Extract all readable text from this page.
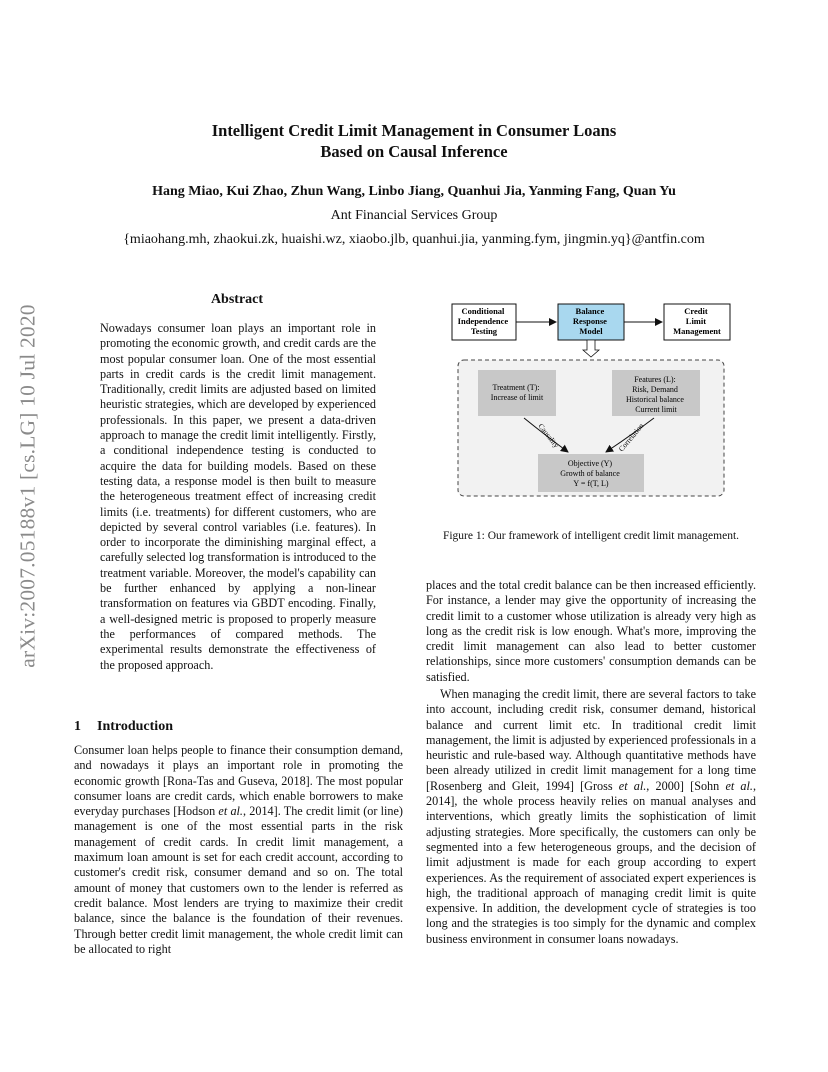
Intelligent Credit Limit Management in Consumer Loans
Based on Causal Inference
Hang Miao, Kui Zhao, Zhun Wang, Linbo Jiang, Quanhui Jia, Yanming Fang, Quan Yu
Ant Financial Services Group
{miaohang.mh, zhaokui.zk, huaishi.wz, xiaobo.jlb, quanhui.jia, yanming.fym, jingmin.yq}@antfin.com
arXiv:2007.05188v1 [cs.LG] 10 Jul 2020
Abstract

Nowadays consumer loan plays an important role in promoting the economic growth, and credit cards are the most popular consumer loan. One of the most essential parts in credit cards is the credit limit management. Traditionally, credit limits are adjusted based on limited heuristic strategies, which are developed by experienced professionals. In this paper, we present a data-driven approach to manage the credit limit intelligently. Firstly, a conditional independence testing is conducted to acquire the data for building models. Based on these testing data, a response model is then built to measure the heterogeneous treatment effect of increasing credit limits (i.e. treatments) for different customers, who are depicted by several control variables (i.e. features). In order to incorporate the diminishing marginal effect, a carefully selected log transformation is introduced to the treatment variable. Moreover, the model's capability can be further enhanced by applying a non-linear transformation on features via GBDT encoding. Finally, a well-designed metric is proposed to properly measure the performances of compared methods. The experimental results demonstrate the effectiveness of the proposed approach.

1 Introduction

Consumer loan helps people to finance their consumption demand, and nowadays it plays an important role in promoting the economic growth [Rona-Tas and Guseva, 2018]. The most popular consumer loans are credit cards, which enable borrowers to make everyday purchases [Hodson et al., 2014]. The credit limit (or line) management is one of the most essential parts in the risk management of credit cards. In credit limit management, a maximum loan amount is set for each credit account, according to customer's credit risk, consumer demand and so on. The total amount of money that customers own to the lender is referred as credit balance. Most lenders are trying to maximize their credit balance, since the balance is the foundation of their revenues. Through better credit limit management, the whole credit limit can be allocated to right

Conditional Independence Testing
Balance Response Model
Credit Limit Management
Treatment (T): Increase of limit
Features (L): Risk, Demand Historical balance Current limit
Objective (Y) Growth of balance Y = f(T, L)
Causality	Correlation
Figure 1: Our framework of intelligent credit limit management.

places and the total credit balance can be then increased efficiently. For instance, a lender may give the opportunity of increasing the credit limit to a customer whose utilization is already very high as long as the credit risk is low enough. What's more, improving the credit limit management can also lead to better customer relationships, since more customers' consumption demands can be satisfied.

When managing the credit limit, there are several factors to take into account, including credit risk, consumer demand, historical balance and current limit etc. In traditional credit limit management, the limit is adjusted by experienced professionals in a heuristic and rule-based way. Although quantitative methods have been already utilized in credit limit management for a long time [Rosenberg and Gleit, 1994] [Gross et al., 2000] [Sohn et al., 2014], the whole process heavily relies on manual analyses and interventions, which greatly limits the sophistication of limit adjusting strategies. More specifically, the customers can only be segmented into a few heterogeneous groups, and the decision of limit adjustment is made for each group according to expert experiences. As the requirement of associated expert experiences is high, the traditional approach of managing credit limit is quite expensive. In addition, the development cycle of strategies is too long and the strategies is too simply for the dynamic and complex business environment in consumer loans nowadays.
